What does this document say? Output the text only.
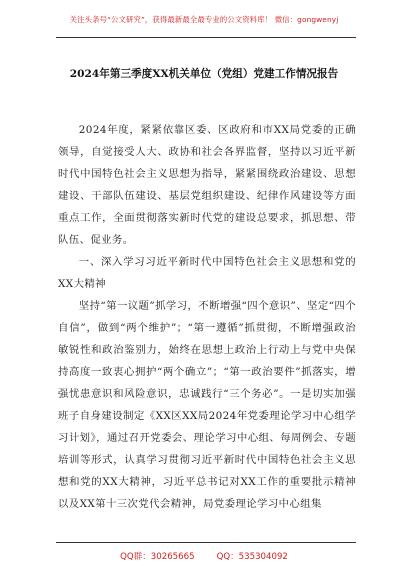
关注头条号“公文研究”，获得最新最全最专业的公文资料库！ 微信：gongwenyj
2024年第三季度XX机关单位（党组）党建工作情况报告

2024年度，紧紧依靠区委、区政府和市XX局党委的正确领导，自觉接受人大、政协和社会各界监督，坚持以习近平新时代中国特色社会主义思想为指导，紧紧围绕政治建设、思想建设、干部队伍建设、基层党组织建设、纪律作风建设等方面重点工作，全面贯彻落实新时代党的建设总要求，抓思想、带队伍、促业务。

一、深入学习习近平新时代中国特色社会主义思想和党的XX大精神

坚持“第一议题”抓学习，不断增强“四个意识”、坚定“四个自信”，做到“两个维护”；“第一遵循”抓贯彻，不断增强政治敏锐性和政治鉴别力，始终在思想上政治上行动上与党中央保持高度一致衷心拥护“两个确立”；“第一政治要件”抓落实，增强忧患意识和风险意识，忠诚践行“三个务必”。一是切实加强班子自身建设制定《XX区XX局2024年党委理论学习中心组学习计划》，通过召开党委会、理论学习中心组、每周例会、专题培训等形式，认真学习贯彻习近平新时代中国特色社会主义思想和党的XX大精神，习近平总书记对XX工作的重要批示精神以及XX第十三次党代会精神，局党委理论学习中心组集

QQ群：30265665	QQ：535304092
